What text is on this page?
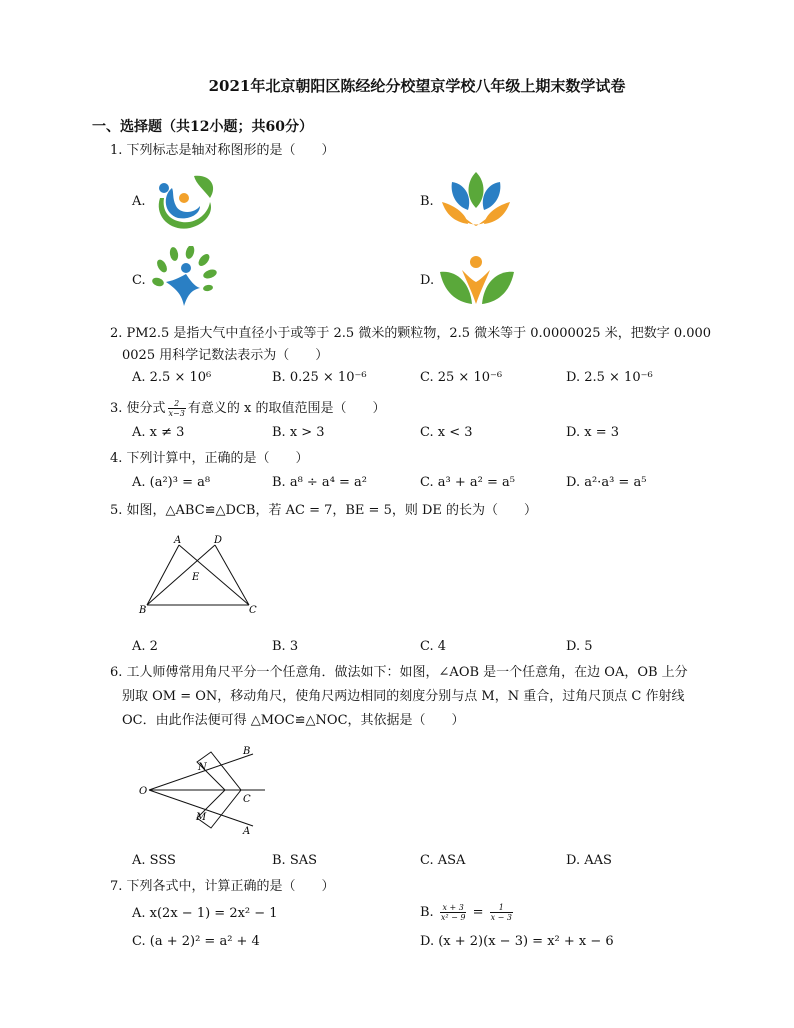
2021年北京朝阳区陈经纶分校望京学校八年级上期末数学试卷
一、选择题（共12小题；共60分）
1. 下列标志是轴对称图形的是（　　）
A.	B.
C.	D.
2. PM2.5 是指大气中直径小于或等于 2.5 微米的颗粒物，2.5 微米等于 0.0000025 米，把数字 0.000
0025 用科学记数法表示为（　　）
A. 2.5 × 10⁶	B. 0.25 × 10⁻⁶	C. 25 × 10⁻⁶	D. 2.5 × 10⁻⁶
3. 使分式 $\frac{2}{x-3}$ 有意义的 x 的取值范围是（　　）
A. x ≠ 3	B. x > 3	C. x < 3	D. x = 3
4. 下列计算中，正确的是（　　）
A. (a²)³ = a⁸	B. a⁸ ÷ a⁴ = a²	C. a³ + a² = a⁵	D. a²·a³ = a⁵
5. 如图，△ABC≌△DCB，若 AC = 7，BE = 5，则 DE 的长为（　　）
A	D
E
B	C
A. 2	B. 3	C. 4	D. 5
6. 工人师傅常用角尺平分一个任意角．做法如下：如图，∠AOB 是一个任意角，在边 OA，OB 上分
别取 OM = ON，移动角尺，使角尺两边相同的刻度分别与点 M，N 重合，过角尺顶点 C 作射线
OC．由此作法便可得 △MOC≌△NOC，其依据是（　　）
O
N
B
C
M
A
A. SSS	B. SAS	C. ASA	D. AAS
7. 下列各式中，计算正确的是（　　）
A. x(2x − 1) = 2x² − 1	B. $\frac{x + 3}{\text{x² − 9}} = \frac{1}{x - 3}$
C. (a + 2)² = a² + 4	D. (x + 2)(x − 3) = x² + x − 6
